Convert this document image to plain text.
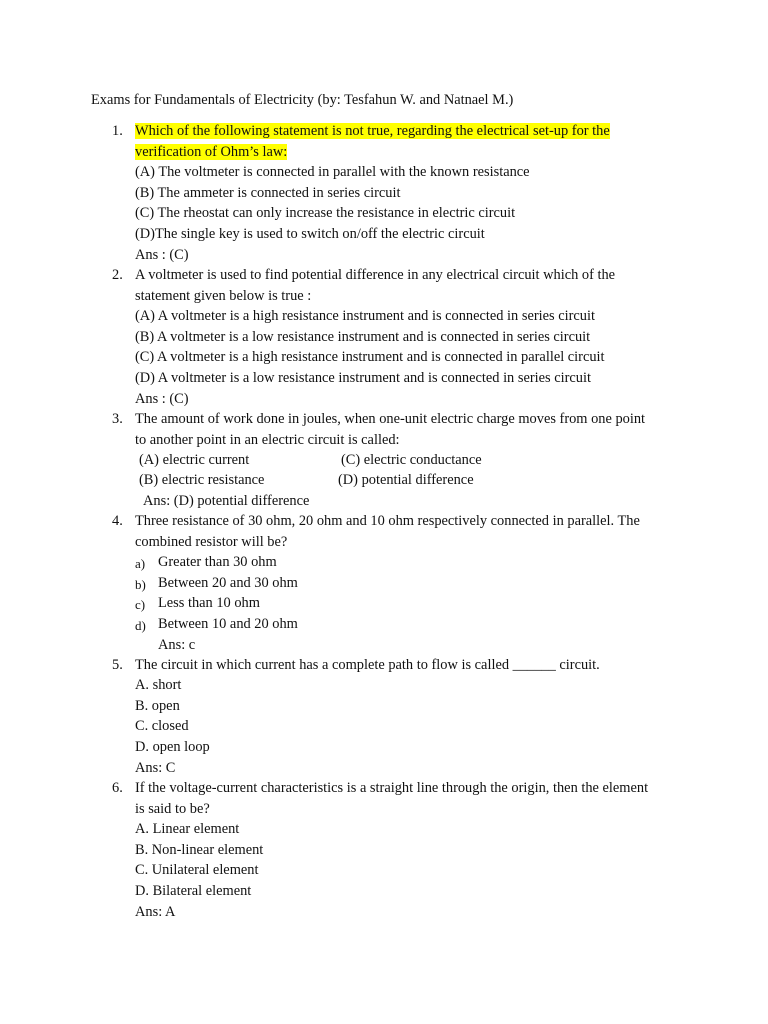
Exams for Fundamentals of Electricity (by: Tesfahun W. and Natnael M.)
1. Which of the following statement is not true, regarding the electrical set-up for the
verification of Ohm’s law:
(A) The voltmeter is connected in parallel with the known resistance
(B) The ammeter is connected in series circuit
(C) The rheostat can only increase the resistance in electric circuit
(D)The single key is used to switch on/off the electric circuit
Ans : (C)
2. A voltmeter is used to find potential difference in any electrical circuit which of the
statement given below is true :
(A) A voltmeter is a high resistance instrument and is connected in series circuit
(B) A voltmeter is a low resistance instrument and is connected in series circuit
(C) A voltmeter is a high resistance instrument and is connected in parallel circuit
(D) A voltmeter is a low resistance instrument and is connected in series circuit
Ans : (C)
3. The amount of work done in joules, when one-unit electric charge moves from one point
to another point in an electric circuit is called:
(A) electric current	(C) electric conductance
(B) electric resistance	(D) potential difference
Ans: (D) potential difference
4. Three resistance of 30 ohm, 20 ohm and 10 ohm respectively connected in parallel. The
combined resistor will be?
a) Greater than 30 ohm
b) Between 20 and 30 ohm
c) Less than 10 ohm
d) Between 10 and 20 ohm
Ans: c
5. The circuit in which current has a complete path to flow is called ______ circuit.
A. short
B. open
C. closed
D. open loop
Ans: C
6. If the voltage-current characteristics is a straight line through the origin, then the element
is said to be?
A. Linear element
B. Non-linear element
C. Unilateral element
D. Bilateral element
Ans: A
